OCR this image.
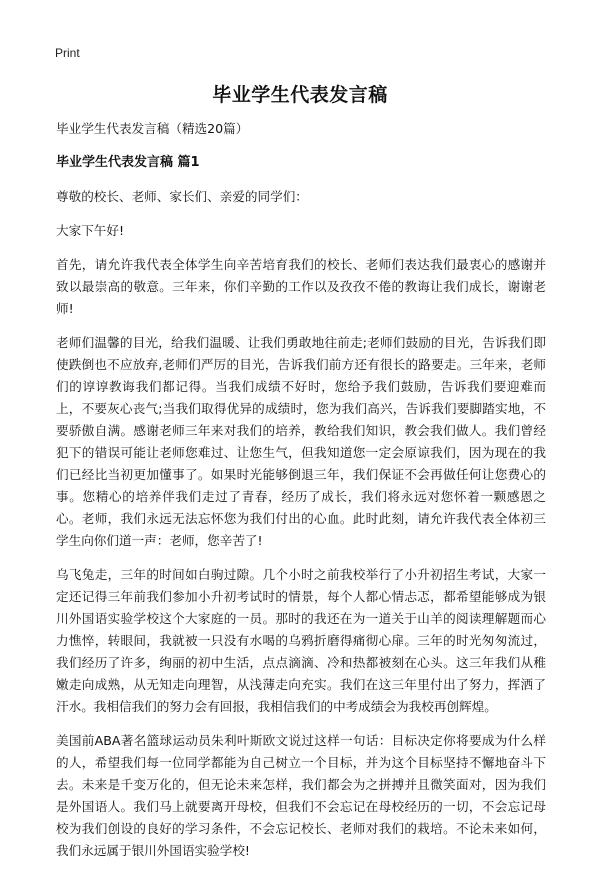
Print
毕业学生代表发言稿
毕业学生代表发言稿（精选20篇）
毕业学生代表发言稿 篇1

尊敬的校长、老师、家长们、亲爱的同学们：

大家下午好!

首先，请允许我代表全体学生向辛苦培育我们的校长、老师们表达我们最衷心的感谢并致以最崇高的敬意。三年来，你们辛勤的工作以及孜孜不倦的教诲让我们成长，谢谢老师!

老师们温馨的目光，给我们温暖、让我们勇敢地往前走;老师们鼓励的目光，告诉我们即使跌倒也不应放弃,老师们严厉的目光，告诉我们前方还有很长的路要走。三年来，老师们的谆谆教诲我们都记得。当我们成绩不好时，您给予我们鼓励，告诉我们要迎难而上，不要灰心丧气;当我们取得优异的成绩时，您为我们高兴，告诉我们要脚踏实地，不要骄傲自满。感谢老师三年来对我们的培养，教给我们知识，教会我们做人。我们曾经犯下的错误可能让老师您难过、让您生气，但我知道您一定会原谅我们，因为现在的我们已经比当初更加懂事了。如果时光能够倒退三年，我们保证不会再做任何让您费心的事。您精心的培养伴我们走过了青春，经历了成长，我们将永远对您怀着一颗感恩之心。老师，我们永远无法忘怀您为我们付出的心血。此时此刻，请允许我代表全体初三学生向你们道一声：老师，您辛苦了!

乌飞兔走，三年的时间如白驹过隙。几个小时之前我校举行了小升初招生考试，大家一定还记得三年前我们参加小升初考试时的情景，每个人都心情忐忑，都希望能够成为银川外国语实验学校这个大家庭的一员。那时的我还在为一道关于山羊的阅读理解题而心力憔悴，转眼间，我就被一只没有水喝的乌鸦折磨得痛彻心扉。三年的时光匆匆流过，我们经历了许多，绚丽的初中生活，点点滴滴、冷和热都被刻在心头。这三年我们从稚嫩走向成熟，从无知走向理智，从浅薄走向充实。我们在这三年里付出了努力，挥洒了汗水。我相信我们的努力会有回报，我相信我们的中考成绩会为我校再创辉煌。

美国前ABA著名篮球运动员朱利叶斯欧文说过这样一句话：目标决定你将要成为什么样的人，希望我们每一位同学都能为自己树立一个目标，并为这个目标坚持不懈地奋斗下去。未来是千变万化的，但无论未来怎样，我们都会为之拼搏并且微笑面对，因为我们是外国语人。我们马上就要离开母校，但我们不会忘记在母校经历的一切，不会忘记母校为我们创设的良好的学习条件，不会忘记校长、老师对我们的栽培。不论未来如何，我们永远属于银川外国语实验学校!
